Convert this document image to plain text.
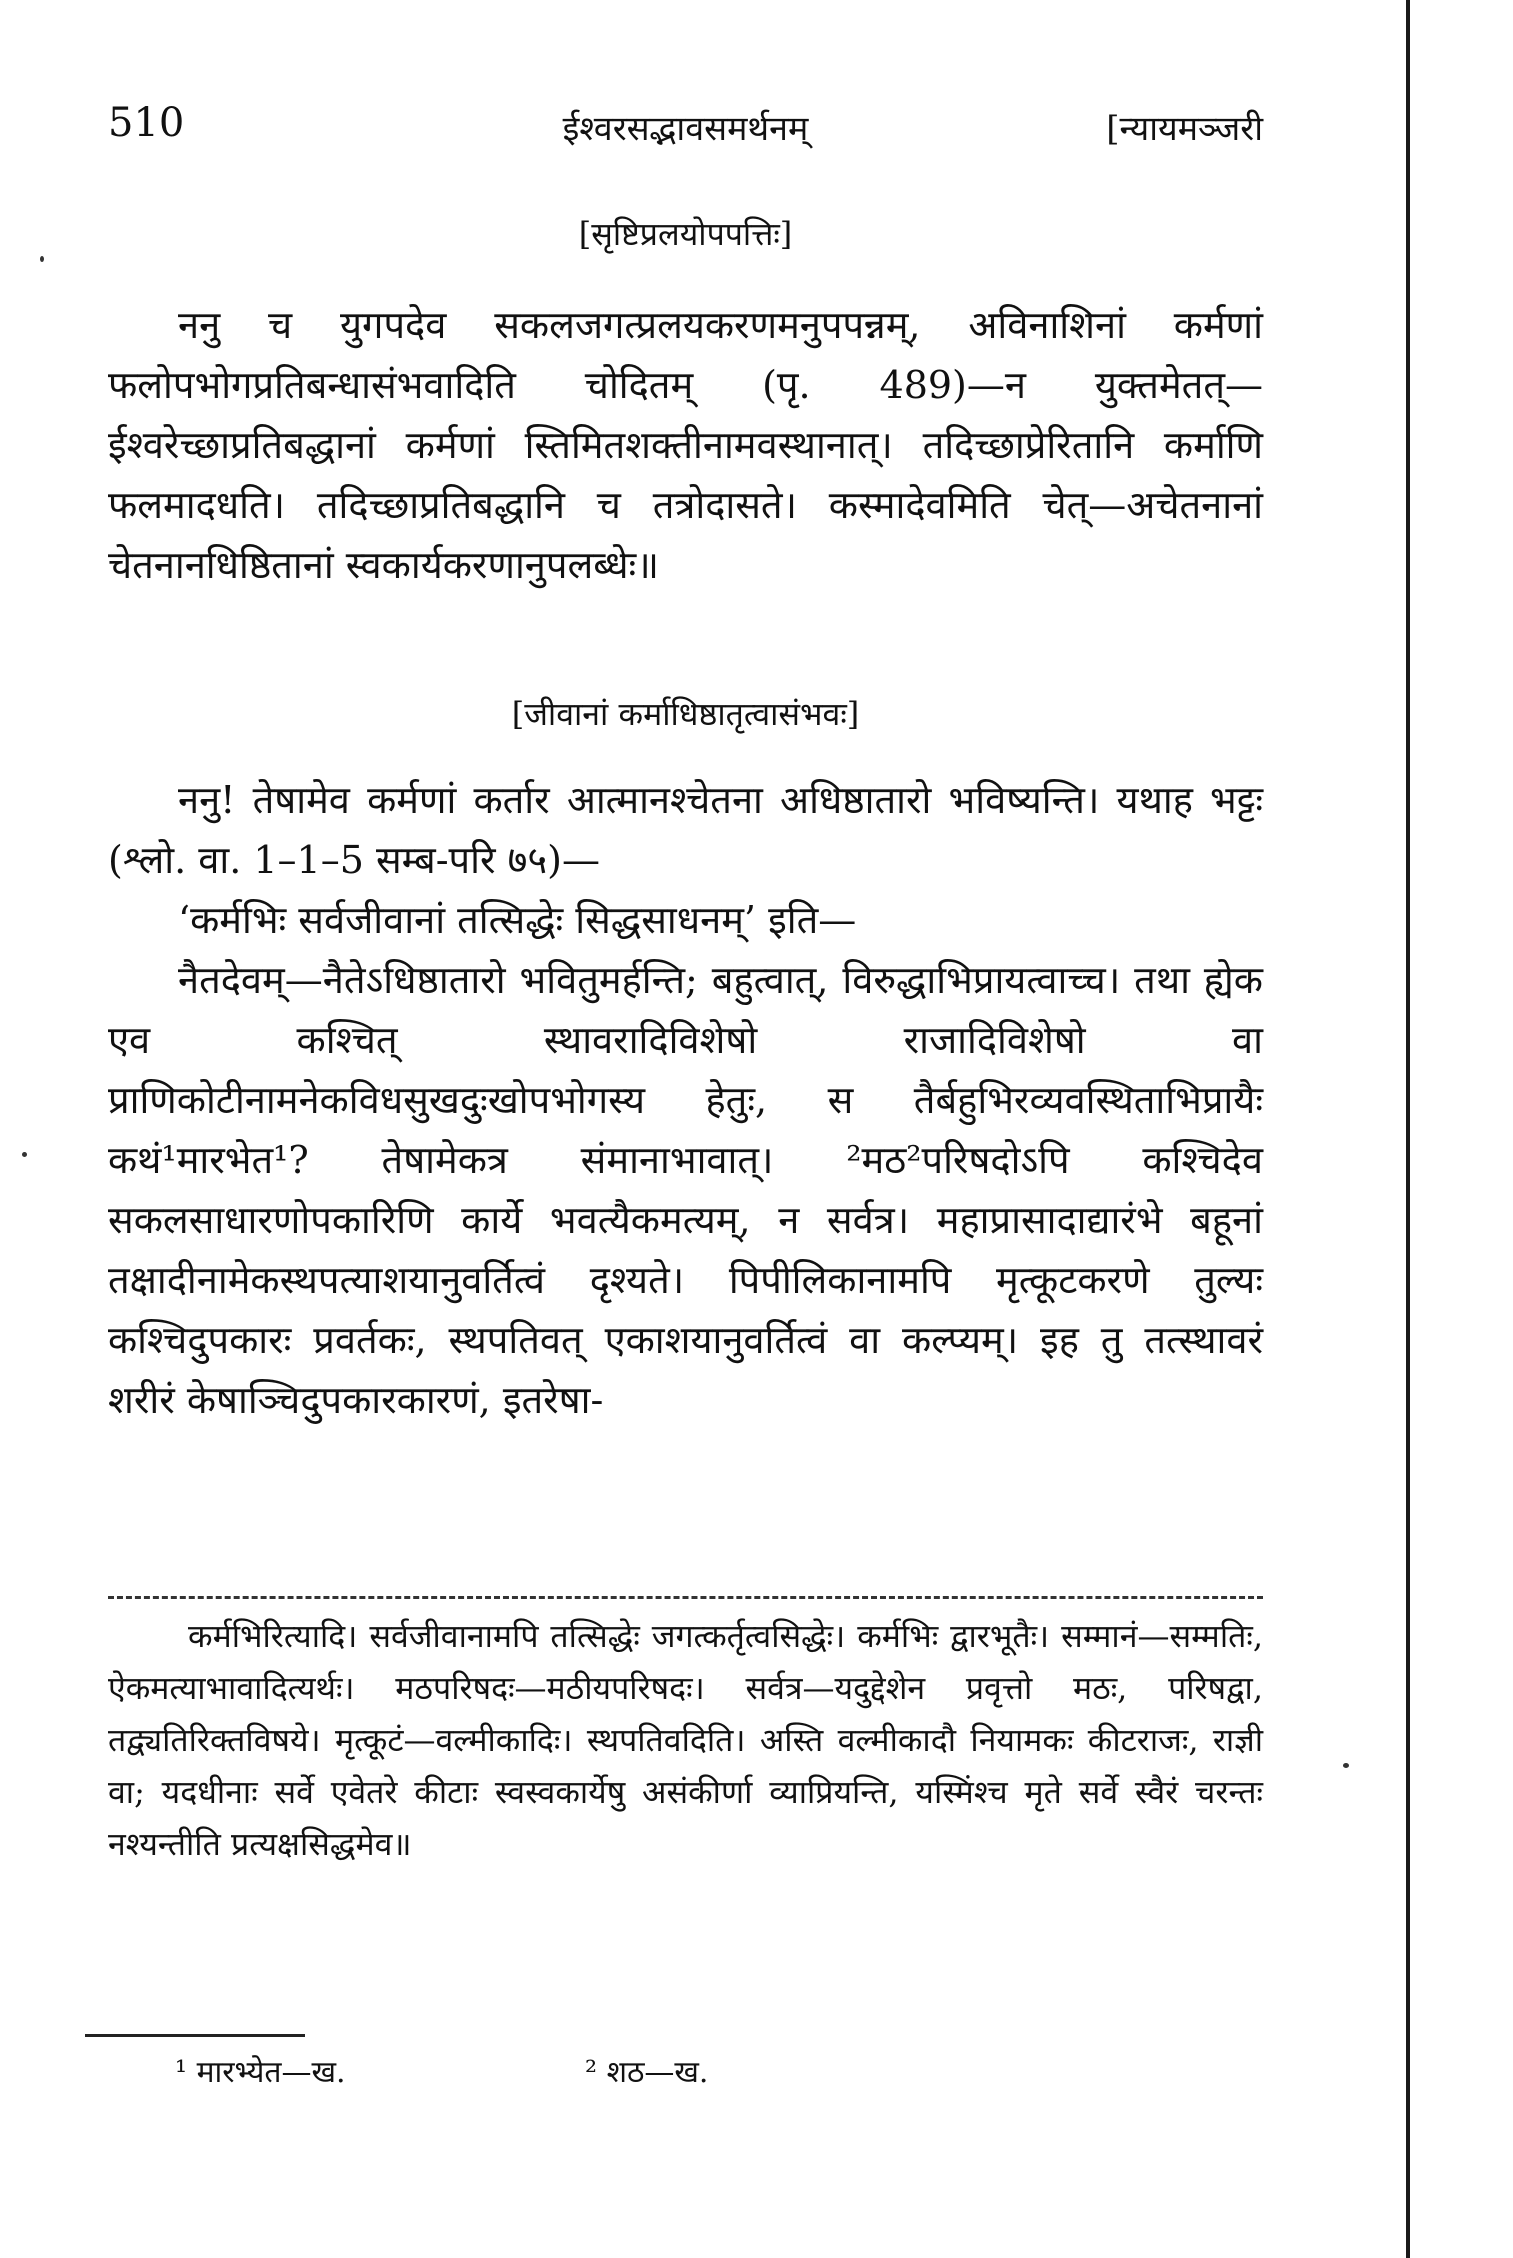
510	ईश्वरसद्भावसमर्थनम्	[न्यायमञ्जरी
[सृष्टिप्रलयोपपत्तिः]

ननु च युगपदेव सकलजगत्प्रलयकरणमनुपपन्नम्, अविनाशिनां कर्मणां फलोपभोगप्रतिबन्धासंभवादिति चोदितम् (पृ. 489)—न युक्तमेतत्—ईश्वरेच्छाप्रतिबद्धानां कर्मणां स्तिमितशक्तीनामवस्थानात्। तदिच्छाप्रेरितानि कर्माणि फलमादधति। तदिच्छाप्रतिबद्धानि च तत्रोदासते। कस्मादेवमिति चेत्—अचेतनानां चेतनानधिष्ठितानां स्वकार्यकरणानुपलब्धेः॥

[जीवानां कर्माधिष्ठातृत्वासंभवः]

ननु! तेषामेव कर्मणां कर्तार आत्मानश्चेतना अधिष्ठातारो भविष्यन्ति। यथाह भट्टः (श्लो. वा. 1–1–5 सम्ब-परि ७५)—

‘कर्मभिः सर्वजीवानां तत्सिद्धेः सिद्धसाधनम्’ इति—

नैतदेवम्—नैतेऽधिष्ठातारो भवितुमर्हन्ति; बहुत्वात्, विरुद्धाभिप्रायत्वाच्च। तथा ह्येक एव कश्चित् स्थावरादिविशेषो राजादिविशेषो वा प्राणिकोटीनामनेकविधसुखदुःखोपभोगस्य हेतुः, स तैर्बहुभिरव्यवस्थिताभिप्रायैः कथं¹मारभेत¹? तेषामेकत्र संमानाभावात्। ²मठ²परिषदोऽपि कश्चिदेव सकलसाधारणोपकारिणि कार्ये भवत्यैकमत्यम्, न सर्वत्र। महाप्रासादाद्यारंभे बहूनां तक्षादीनामेकस्थपत्याशयानुवर्तित्वं दृश्यते। पिपीलिकानामपि मृत्कूटकरणे तुल्यः कश्चिदुपकारः प्रवर्तकः, स्थपतिवत् एकाशयानुवर्तित्वं वा कल्प्यम्। इह तु तत्स्थावरं शरीरं केषाञ्चिदुपकारकारणं, इतरेषा-

कर्मभिरित्यादि। सर्वजीवानामपि तत्सिद्धेः जगत्कर्तृत्वसिद्धेः। कर्मभिः द्वारभूतैः। सम्मानं—सम्मतिः, ऐकमत्याभावादित्यर्थः। मठपरिषदः—मठीयपरिषदः। सर्वत्र—यदुद्देशेन प्रवृत्तो मठः, परिषद्वा, तद्व्यतिरिक्तविषये। मृत्कूटं—वल्मीकादिः। स्थपतिवदिति। अस्ति वल्मीकादौ नियामकः कीटराजः, राज्ञी वा; यदधीनाः सर्वे एवेतरे कीटाः स्वस्वकार्येषु असंकीर्णा व्याप्रियन्ति, यस्मिंश्च मृते सर्वे स्वैरं चरन्तः नश्यन्तीति प्रत्यक्षसिद्धमेव॥

¹ मारभ्येत—ख.	² शठ—ख.
